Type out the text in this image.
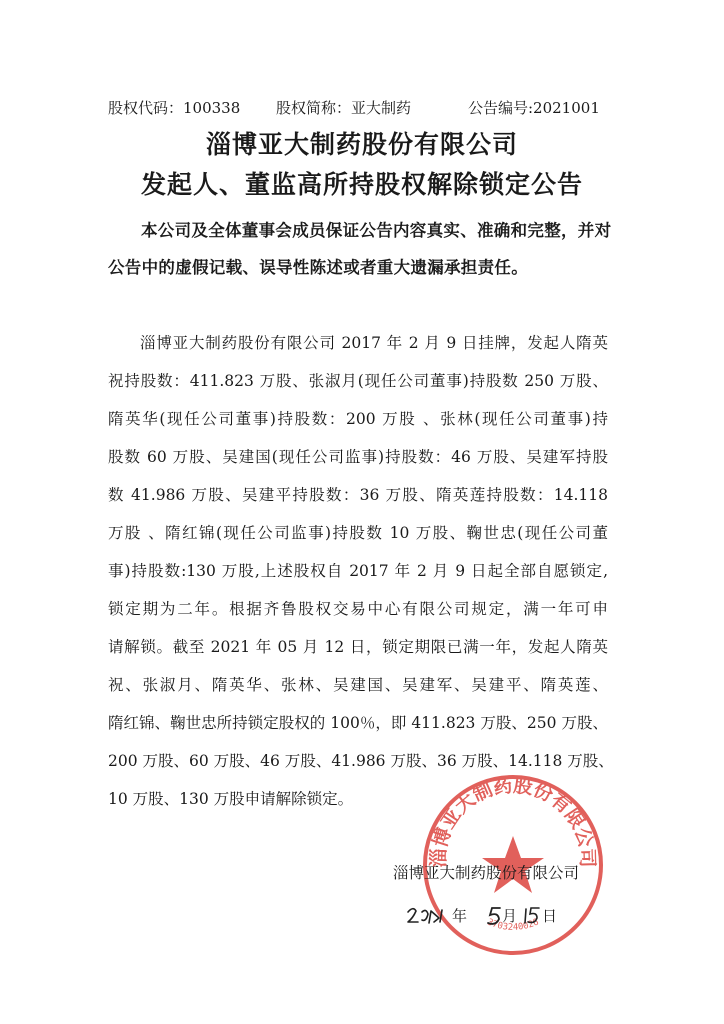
股权代码：100338 股权简称：亚大制药	公告编号:2021001
淄博亚大制药股份有限公司
发起人、董监高所持股权解除锁定公告

本公司及全体董事会成员保证公告内容真实、准确和完整，并对公告中的虚假记载、误导性陈述或者重大遗漏承担责任。

淄博亚大制药股份有限公司 2017 年 2 月 9 日挂牌，发起人隋英
祝持股数：411.823 万股、张淑月(现任公司董事)持股数 250 万股、
隋英华(现任公司董事)持股数：200 万股 、张林(现任公司董事)持
股数 60 万股、吴建国(现任公司监事)持股数：46 万股、吴建军持股
数 41.986 万股、吴建平持股数：36 万股、隋英莲持股数：14.118
万股 、隋红锦(现任公司监事)持股数 10 万股、鞠世忠(现任公司董
事)持股数:130 万股,上述股权自 2017 年 2 月 9 日起全部自愿锁定,
锁定期为二年。根据齐鲁股权交易中心有限公司规定，满一年可申
请解锁。截至 2021 年 05 月 12 日，锁定期限已满一年，发起人隋英
祝、张淑月、隋英华、张林、吴建国、吴建军、吴建平、隋英莲、
隋红锦、鞠世忠所持锁定股权的 100％，即 411.823 万股、250 万股、
200 万股、60 万股、46 万股、41.986 万股、36 万股、14.118 万股、
10 万股、130 万股申请解除锁定。
淄博亚大制药股份有限公司
3703240026
淄博亚大制药股份有限公司
年 月 日
